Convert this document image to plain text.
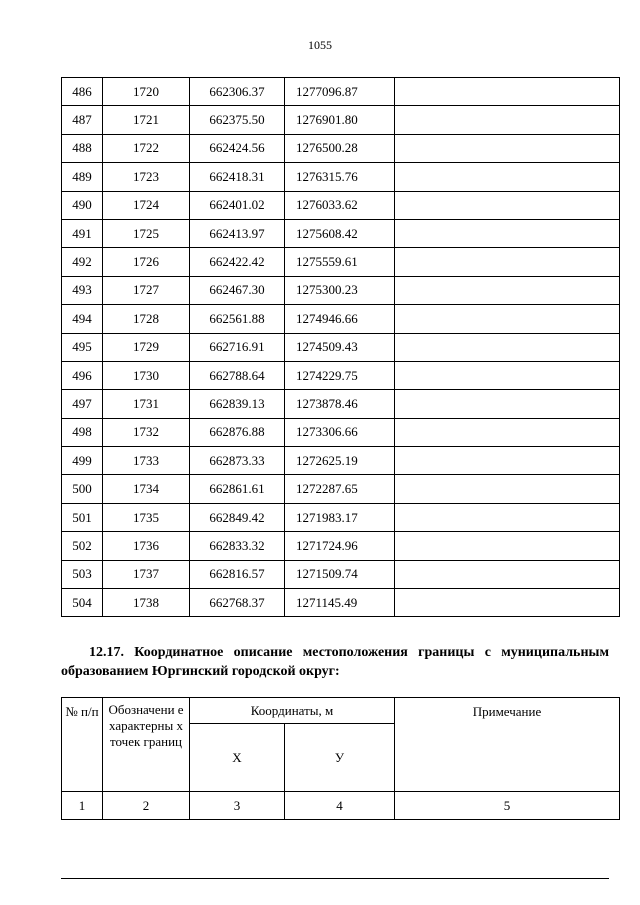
1055
486	1720	662306.37	1277096.87	
487	1721	662375.50	1276901.80	
488	1722	662424.56	1276500.28	
489	1723	662418.31	1276315.76	
490	1724	662401.02	1276033.62	
491	1725	662413.97	1275608.42	
492	1726	662422.42	1275559.61	
493	1727	662467.30	1275300.23	
494	1728	662561.88	1274946.66	
495	1729	662716.91	1274509.43	
496	1730	662788.64	1274229.75	
497	1731	662839.13	1273878.46	
498	1732	662876.88	1273306.66	
499	1733	662873.33	1272625.19	
500	1734	662861.61	1272287.65	
501	1735	662849.42	1271983.17	
502	1736	662833.32	1271724.96	
503	1737	662816.57	1271509.74	
504	1738	662768.37	1271145.49	
12.17. Координатное описание местоположения границы с муниципальным образованием Юргинский городской округ:
№ п/п	Обозначени е характерны х точек границ	Координаты, м		Примечание
		Х	У	
1	2	3	4	5
